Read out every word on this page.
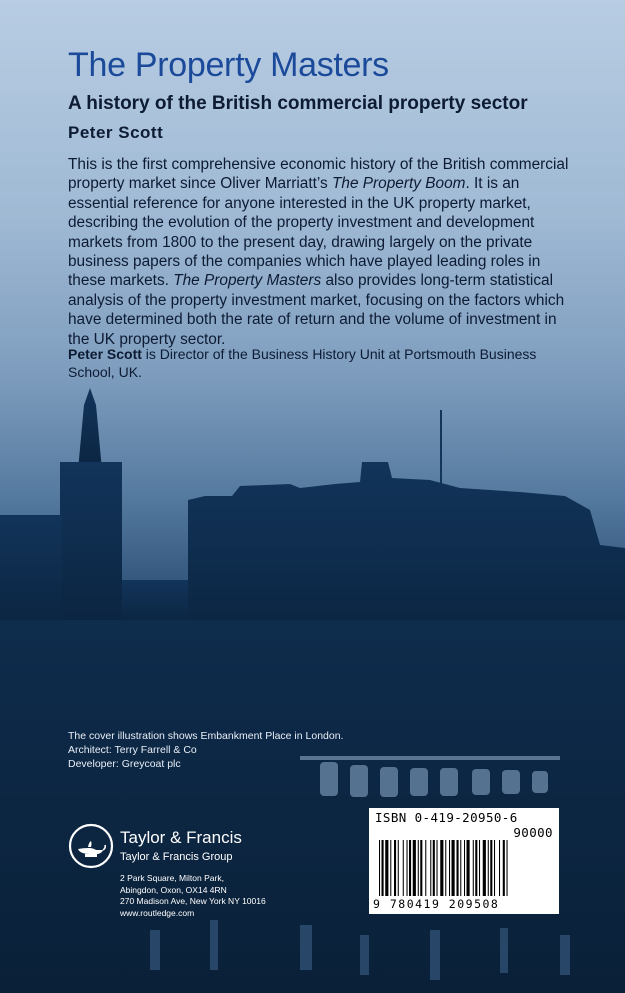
The Property Masters
A history of the British commercial property sector
Peter Scott

This is the first comprehensive economic history of the British commercial property market since Oliver Marriatt’s The Property Boom. It is an essential reference for anyone interested in the UK property market, describing the evolution of the property investment and development markets from 1800 to the present day, drawing largely on the private business papers of the companies which have played leading roles in these markets. The Property Masters also provides long-term statistical analysis of the property investment market, focusing on the factors which have determined both the rate of return and the volume of investment in the UK property sector.

Peter Scott is Director of the Business History Unit at Portsmouth Business School, UK.

The cover illustration shows Embankment Place in London.
Architect: Terry Farrell & Co
Developer: Greycoat plc

Taylor & Francis
Taylor & Francis Group
2 Park Square, Milton Park,
Abingdon, Oxon, OX14 4RN
270 Madison Ave, New York NY 10016
www.routledge.com
ISBN 0-419-20950-6
90000
9 780419 209508
